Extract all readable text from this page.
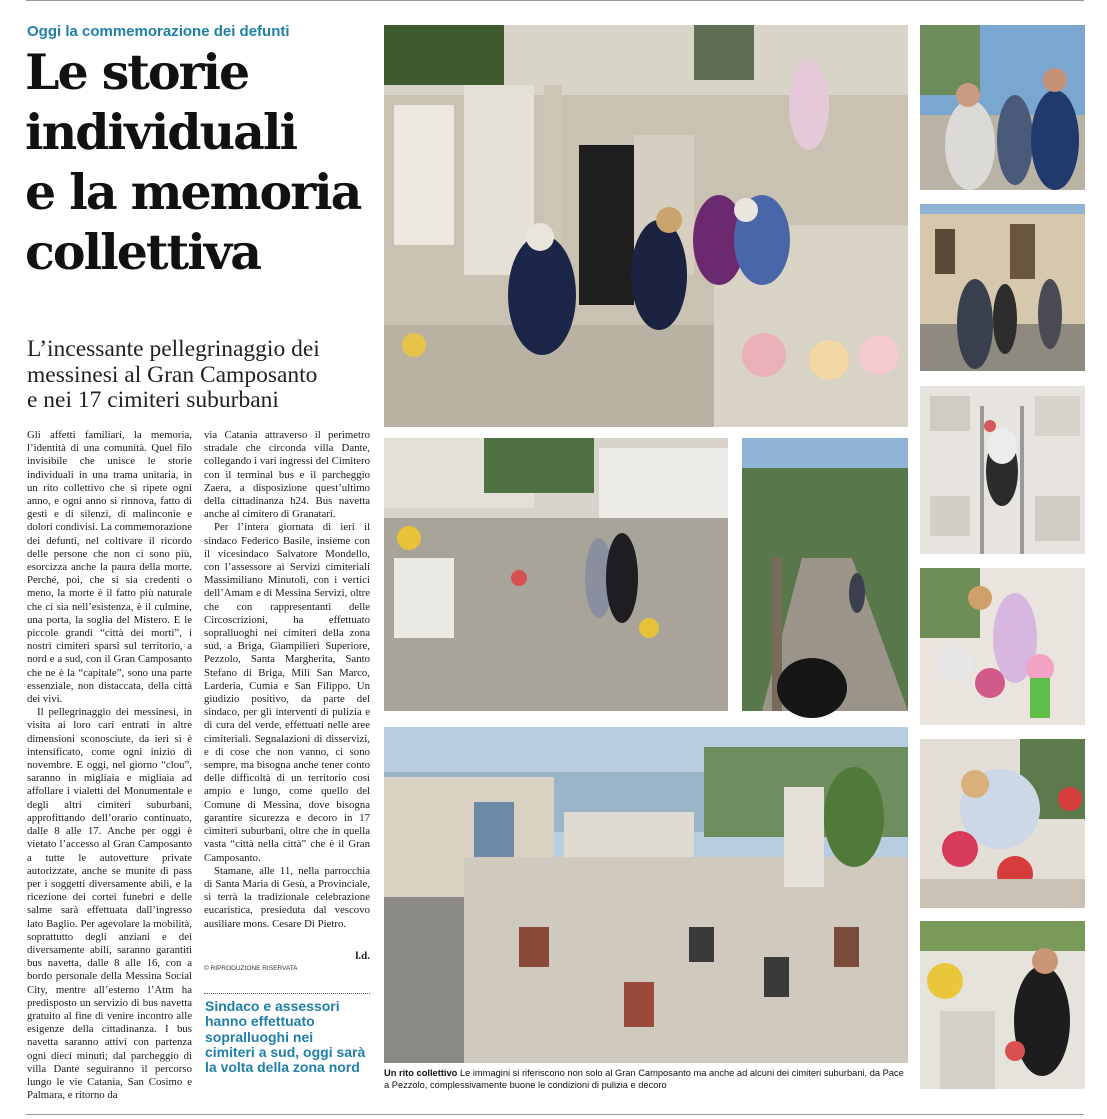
Oggi la commemorazione dei defunti
Le storie
individuali
e la memoria
collettiva
L’incessante pellegrinaggio dei
messinesi al Gran Camposanto
e nei 17 cimiteri suburbani

Gli affetti familiari, la memoria, l’identità di una comunità. Quel filo invisibile che unisce le storie individuali in una trama unitaria, in un rito collettivo che si ripete ogni anno, e ogni anno si rinnova, fatto di gesti e di silenzi, di malinconie e dolori condivisi. La commemorazione dei defunti, nel coltivare il ricordo delle persone che non ci sono più, esorcizza anche la paura della morte. Perché, poi, che si sia credenti o meno, la morte è il fatto più naturale che ci sia nell’esistenza, è il culmine, una porta, la soglia del Mistero. E le piccole grandi “città dei morti”, i nostri cimiteri sparsi sul territorio, a nord e a sud, con il Gran Camposanto che ne è la “capitale”, sono una parte essenziale, non distaccata, della città dei vivi.

Il pellegrinaggio dei messinesi, in visita ai loro cari entrati in altre dimensioni sconosciute, da ieri si è intensificato, come ogni inizio di novembre. E oggi, nel giorno “clou”, saranno in migliaia e migliaia ad affollare i vialetti del Monumentale e degli altri cimiteri suburbani, approfittando dell’orario continuato, dalle 8 alle 17. Anche per oggi è vietato l’accesso al Gran Camposanto a tutte le autovetture private autorizzate, anche se munite di pass per i soggetti diversamente abili, e la ricezione dei cortei funebri e delle salme sarà effettuata dall’ingresso lato Baglio. Per agevolare la mobilità, soprattutto degli anziani e dei diversamente abili, saranno garantiti bus navetta, dalle 8 alle 16, con a bordo personale della Messina Social City, mentre all’esterno l’Atm ha predisposto un servizio di bus navetta gratuito al fine di venire incontro alle esigenze della cittadinanza. I bus navetta saranno attivi con partenza ogni dieci minuti; dal parcheggio di villa Dante seguiranno il percorso lungo le vie Catania, San Cosimo e Palmara, e ritorno da

via Catania attraverso il perimetro stradale che circonda villa Dante, collegando i vari ingressi del Cimitero con il terminal bus e il parcheggio Zaera, a disposizione quest’ultimo della cittadinanza h24. Bus navetta anche al cimitero di Granatari.

Per l’intera giornata di ieri il sindaco Federico Basile, insieme con il vicesindaco Salvatore Mondello, con l’assessore ai Servizi cimiteriali Massimiliano Minutoli, con i vertici dell’Amam e di Messina Servizi, oltre che con rappresentanti delle Circoscrizioni, ha effettuato sopralluoghi nei cimiteri della zona sud, a Briga, Giampilieri Superiore, Pezzolo, Santa Margherita, Santo Stefano di Briga, Mili San Marco, Larderia, Cumia e San Filippo. Un giudizio positivo, da parte del sindaco, per gli interventi di pulizia e di cura del verde, effettuati nelle aree cimiteriali. Segnalazioni di disservizi, e di cose che non vanno, ci sono sempre, ma bisogna anche tener conto delle difficoltà di un territorio così ampio e lungo, come quello del Comune di Messina, dove bisogna garantire sicurezza e decoro in 17 cimiteri suburbani, oltre che in quella vasta “città nella città” che è il Gran Camposanto.

Stamane, alle 11, nella parrocchia di Santa Maria di Gesù, a Provinciale, si terrà la tradizionale celebrazione eucaristica, presieduta dal vescovo ausiliare mons. Cesare Di Pietro.

l.d.
© RIPRODUZIONE RISERVATA
Sindaco e assessori
hanno effettuato
sopralluoghi nei
cimiteri a sud, oggi sarà
la volta della zona nord	Un rito collettivo Le immagini si riferiscono non solo al Gran Camposanto ma anche ad alcuni dei cimiteri suburbani, da Pace a Pezzolo, complessivamente buone le condizioni di pulizia e decoro
